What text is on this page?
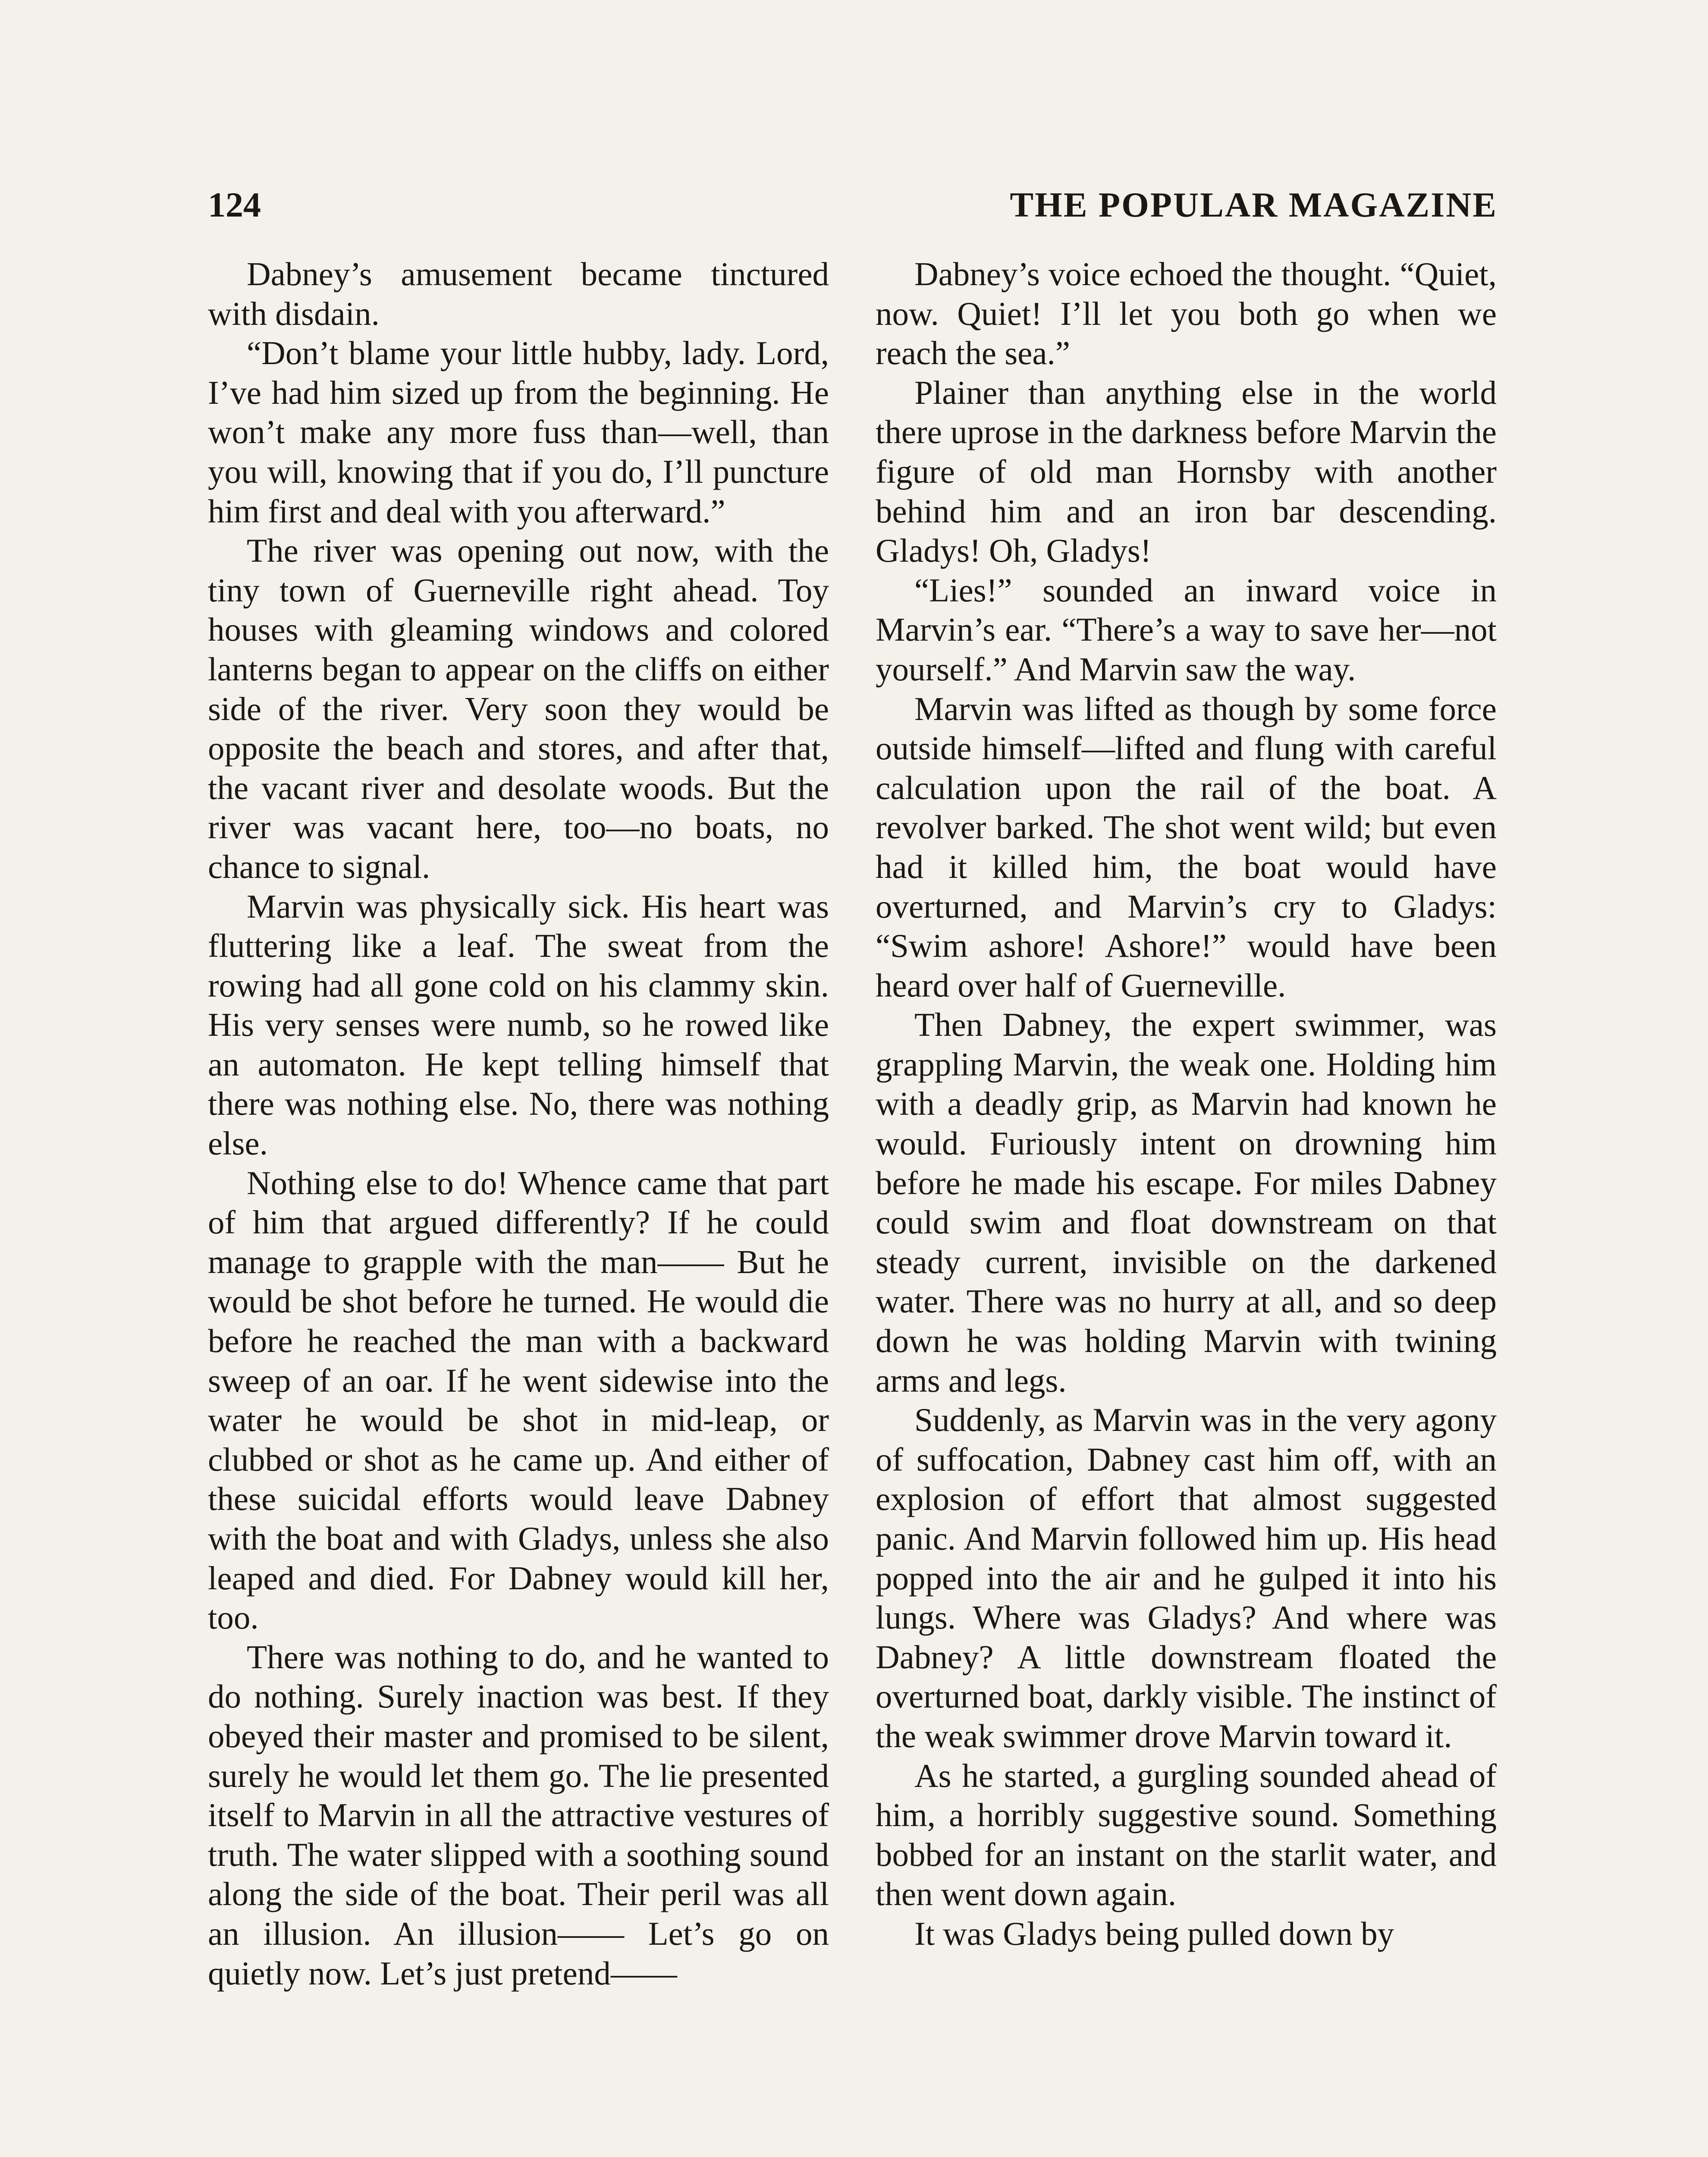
124	THE POPULAR MAGAZINE

Dabney’s amusement became tinctured with disdain.

“Don’t blame your little hubby, lady. Lord, I’ve had him sized up from the beginning. He won’t make any more fuss than—well, than you will, knowing that if you do, I’ll puncture him first and deal with you afterward.”

The river was opening out now, with the tiny town of Guerneville right ahead. Toy houses with gleaming windows and colored lanterns began to appear on the cliffs on either side of the river. Very soon they would be opposite the beach and stores, and after that, the vacant river and desolate woods. But the river was vacant here, too—no boats, no chance to signal.

Marvin was physically sick. His heart was fluttering like a leaf. The sweat from the rowing had all gone cold on his clammy skin. His very senses were numb, so he rowed like an automaton. He kept telling himself that there was nothing else. No, there was nothing else.

Nothing else to do! Whence came that part of him that argued differently? If he could manage to grapple with the man—— But he would be shot before he turned. He would die before he reached the man with a backward sweep of an oar. If he went sidewise into the water he would be shot in mid-leap, or clubbed or shot as he came up. And either of these suicidal efforts would leave Dabney with the boat and with Gladys, unless she also leaped and died. For Dabney would kill her, too.

There was nothing to do, and he wanted to do nothing. Surely inaction was best. If they obeyed their master and promised to be silent, surely he would let them go. The lie presented itself to Marvin in all the attractive vestures of truth. The water slipped with a soothing sound along the side of the boat. Their peril was all an illusion. An illusion—— Let’s go on quietly now. Let’s just pretend——

Dabney’s voice echoed the thought. “Quiet, now. Quiet! I’ll let you both go when we reach the sea.”

Plainer than anything else in the world there uprose in the darkness before Marvin the figure of old man Hornsby with another behind him and an iron bar descending. Gladys! Oh, Gladys!

“Lies!” sounded an inward voice in Marvin’s ear. “There’s a way to save her—not yourself.” And Marvin saw the way.

Marvin was lifted as though by some force outside himself—lifted and flung with careful calculation upon the rail of the boat. A revolver barked. The shot went wild; but even had it killed him, the boat would have overturned, and Marvin’s cry to Gladys: “Swim ashore! Ashore!” would have been heard over half of Guerneville.

Then Dabney, the expert swimmer, was grappling Marvin, the weak one. Holding him with a deadly grip, as Marvin had known he would. Furiously intent on drowning him before he made his escape. For miles Dabney could swim and float downstream on that steady current, invisible on the darkened water. There was no hurry at all, and so deep down he was holding Marvin with twining arms and legs.

Suddenly, as Marvin was in the very agony of suffocation, Dabney cast him off, with an explosion of effort that almost suggested panic. And Marvin followed him up. His head popped into the air and he gulped it into his lungs. Where was Gladys? And where was Dabney? A little downstream floated the overturned boat, darkly visible. The instinct of the weak swimmer drove Marvin toward it.

As he started, a gurgling sounded ahead of him, a horribly suggestive sound. Something bobbed for an instant on the starlit water, and then went down again.

It was Gladys being pulled down by
